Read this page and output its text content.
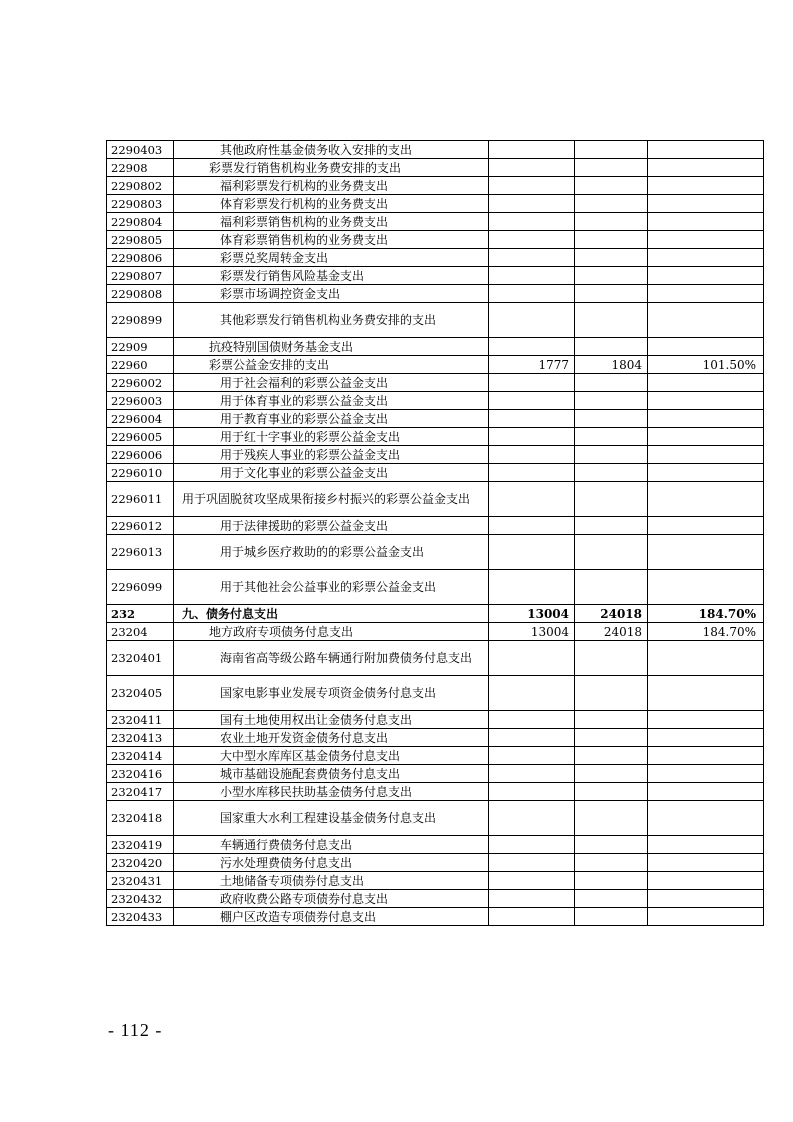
2290403	其他政府性基金债务收入安排的支出			
22908	彩票发行销售机构业务费安排的支出			
2290802	福利彩票发行机构的业务费支出			
2290803	体育彩票发行机构的业务费支出			
2290804	福利彩票销售机构的业务费支出			
2290805	体育彩票销售机构的业务费支出			
2290806	彩票兑奖周转金支出			
2290807	彩票发行销售风险基金支出			
2290808	彩票市场调控资金支出			
2290899	其他彩票发行销售机构业务费安排的支出			
22909	抗疫特别国债财务基金支出			
22960	彩票公益金安排的支出	1777	1804	101.50%
2296002	用于社会福利的彩票公益金支出			
2296003	用于体育事业的彩票公益金支出			
2296004	用于教育事业的彩票公益金支出			
2296005	用于红十字事业的彩票公益金支出			
2296006	用于残疾人事业的彩票公益金支出			
2296010	用于文化事业的彩票公益金支出			
2296011	用于巩固脱贫攻坚成果衔接乡村振兴的彩票公益金支出			
2296012	用于法律援助的彩票公益金支出			
2296013	用于城乡医疗救助的的彩票公益金支出			
2296099	用于其他社会公益事业的彩票公益金支出			
232	九、债务付息支出	13004	24018	184.70%
23204	地方政府专项债务付息支出	13004	24018	184.70%
2320401	海南省高等级公路车辆通行附加费债务付息支出			
2320405	国家电影事业发展专项资金债务付息支出			
2320411	国有土地使用权出让金债务付息支出			
2320413	农业土地开发资金债务付息支出			
2320414	大中型水库库区基金债务付息支出			
2320416	城市基础设施配套费债务付息支出			
2320417	小型水库移民扶助基金债务付息支出			
2320418	国家重大水利工程建设基金债务付息支出			
2320419	车辆通行费债务付息支出			
2320420	污水处理费债务付息支出			
2320431	土地储备专项债券付息支出			
2320432	政府收费公路专项债券付息支出			
2320433	棚户区改造专项债券付息支出			
- 112 -
